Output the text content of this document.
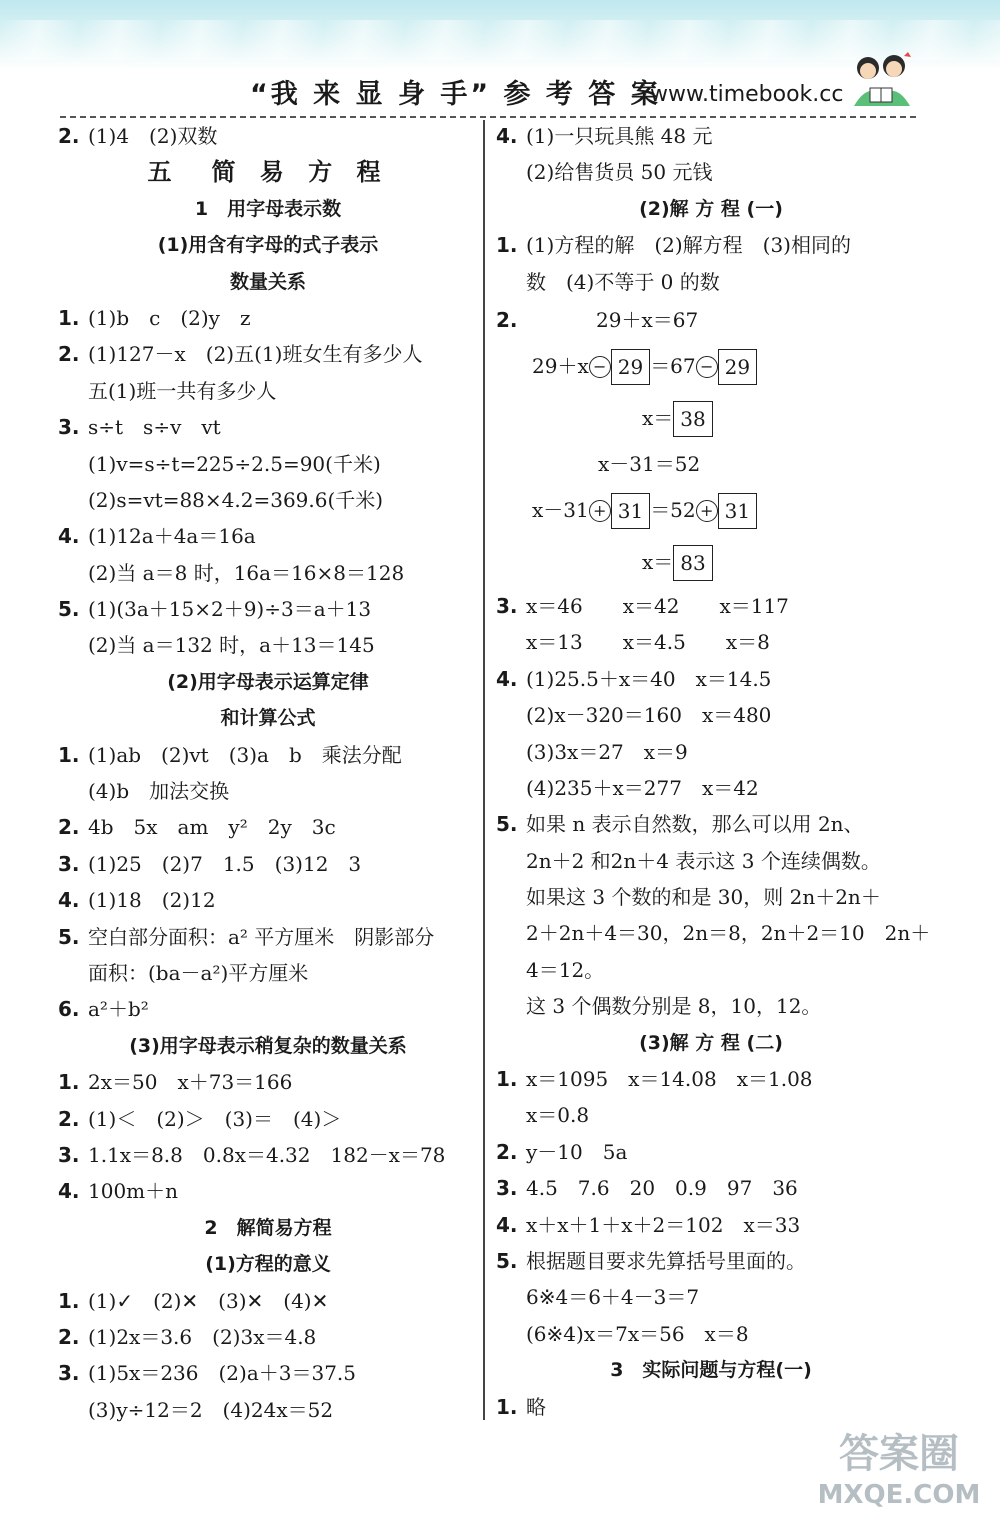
“我 来 显 身 手” 参 考 答 案
www.timebook.cc
2. (1)4　(2)双数
五　简 易 方 程
1　用字母表示数
(1)用含有字母的式子表示
数量关系
1. (1)b　c　(2)y　z
2. (1)127－x　(2)五(1)班女生有多少人
五(1)班一共有多少人
3. s÷t　s÷v　vt
(1)v=s÷t=225÷2.5=90(千米)
(2)s=vt=88×4.2=369.6(千米)
4. (1)12a＋4a＝16a
(2)当 a＝8 时，16a＝16×8＝128
5. (1)(3a＋15×2＋9)÷3＝a＋13
(2)当 a＝132 时，a＋13＝145
(2)用字母表示运算定律
和计算公式
1. (1)ab　(2)vt　(3)a　b　乘法分配
(4)b　加法交换
2. 4b　5x　am　y²　2y　3c
3. (1)25　(2)7　1.5　(3)12　3
4. (1)18　(2)12
5. 空白部分面积：a² 平方厘米　阴影部分
面积：(ba－a²)平方厘米
6. a²＋b²
(3)用字母表示稍复杂的数量关系
1. 2x＝50　x＋73＝166
2. (1)＜　(2)＞　(3)＝　(4)＞
3. 1.1x＝8.8　0.8x＝4.32　182－x＝78
4. 100m＋n
2　解简易方程
(1)方程的意义
1. (1)✓　(2)✕　(3)✕　(4)✕
2. (1)2x＝3.6　(2)3x＝4.8
3. (1)5x＝236　(2)a＋3＝37.5
(3)y÷12＝2　(4)24x＝52
4. (1)一只玩具熊 48 元
(2)给售货员 50 元钱
(2)解 方 程 (一)
1. (1)方程的解　(2)解方程　(3)相同的
数　(4)不等于 0 的数
2.	29＋x＝67
29＋x − 29 ＝67 − 29
x＝ 38
x－31＝52
x－31 + 31 ＝52 + 31
x＝ 83
3. x＝46　　x＝42　　x＝117
x＝13　　x＝4.5　　x＝8
4. (1)25.5＋x＝40　x＝14.5
(2)x－320＝160　x＝480
(3)3x＝27　x＝9
(4)235＋x＝277　x＝42
5. 如果 n 表示自然数，那么可以用 2n、
2n＋2 和2n＋4 表示这 3 个连续偶数。
如果这 3 个数的和是 30，则 2n＋2n＋
2＋2n＋4＝30，2n＝8，2n＋2＝10　2n＋
4＝12。
这 3 个偶数分别是 8，10，12。
(3)解 方 程 (二)
1. x＝1095　x＝14.08　x＝1.08
x＝0.8
2. y－10　5a
3. 4.5　7.6　20　0.9　97　36
4. x＋x＋1＋x＋2＝102　x＝33
5. 根据题目要求先算括号里面的。
6※4＝6＋4－3＝7
(6※4)x＝7x＝56　x＝8
3　实际问题与方程(一)
1. 略
答案圈
MXQE.COM
